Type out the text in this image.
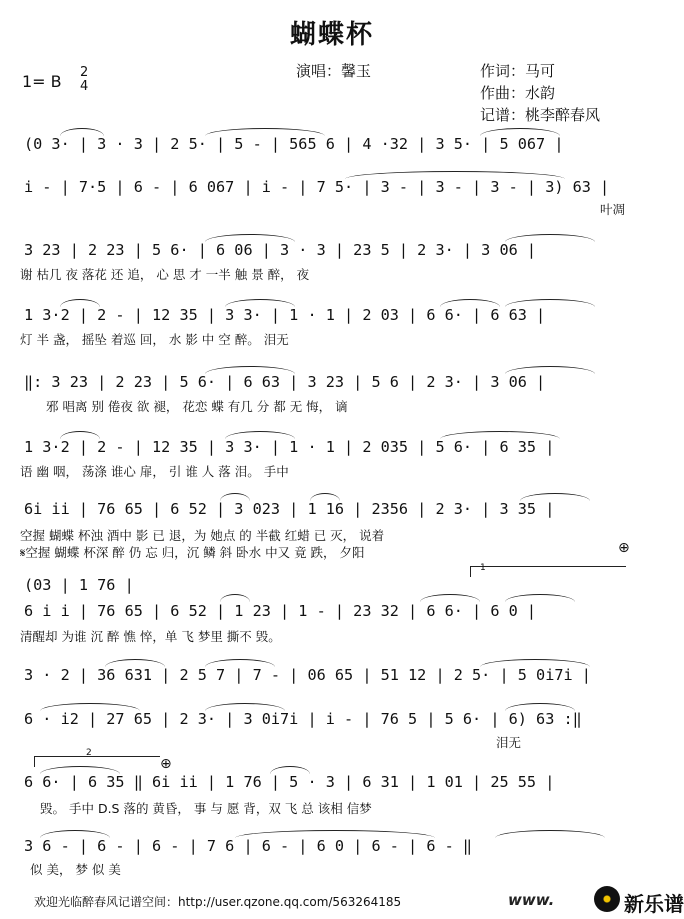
蝴蝶杯
演唱：馨玉	作词：马可
作曲：水韵
记谱：桃李醉春风
1= B 2
4
(0 3· | 3 · 3 | 2 5· | 5 - | 565 6 | 4 ·32 | 3 5· | 5 067 |
i - | 7·5 | 6 - | 6 067 | i - | 7 5· | 3 - | 3 - | 3 - | 3) 63 |
叶凋
3 23 | 2 23 | 5 6· | 6 06 | 3 · 3 | 23 5 | 2 3· | 3 06 |
谢 枯几 夜 落花 还 追， 心 思 才 一半 触 景 醉， 夜
1 3·2 | 2 - | 12 35 | 3 3· | 1 · 1 | 2 03 | 6 6· | 6 63 |
灯 半 盏， 摇坠 着巡 回， 水 影 中 空 醉。 泪无
‖: 3 23 | 2 23 | 5 6· | 6 63 | 3 23 | 5 6 | 2 3· | 3 06 |
邪 唱离 别 倦夜 欲 褪， 花恋 蝶 有几 分 都 无 悔， 谪
1 3·2 | 2 - | 12 35 | 3 3· | 1 · 1 | 2 035 | 5 6· | 6 35 |
语 幽 咽， 荡涤 谁心 扉， 引 谁 人 落 泪。 手中
6i ii | 76 65 | 6 52 | 3 023 | 1 16 | 2356 | 2 3· | 3 35 |
空握 蝴蝶 杯浊 酒中 影 已 退，为 她点 的 半截 红蜡 已 灭， 说着
𝄋空握 蝴蝶 杯深 醉 仍 忘 归，沉 鳞 斜 卧水 中又 竟 跌， 夕阳	⊕
1
(03 | 1 76 |
6 i i | 76 65 | 6 52 | 1 23 | 1 - | 23 32 | 6 6· | 6 0 |
清醒却 为谁 沉 醉 憔 悴，单 飞 梦里 撕不 毁。
3 · 2 | 36 631 | 2 5 7 | 7 - | 06 65 | 51 12 | 2 5· | 5 0i7i |
6 · i2 | 27 65 | 2 3· | 3 0i7i | i - | 76 5 | 5 6· | 6) 63 :‖
泪无
2
⊕
6 6· | 6 35 ‖ 6i ii | 1 76 | 5 · 3 | 6 31 | 1 01 | 25 55 |
毁。 手中 D.S 落的 黄昏， 事 与 愿 背，双 飞 总 该相 信梦
3 6 - | 6 - | 6 - | 7 6 | 6 - | 6 0 | 6 - | 6 - ‖
似 美， 梦 似 美
欢迎光临醉春风记谱空间：http://user.qzone.qq.com/563264185	www.	新乐谱
